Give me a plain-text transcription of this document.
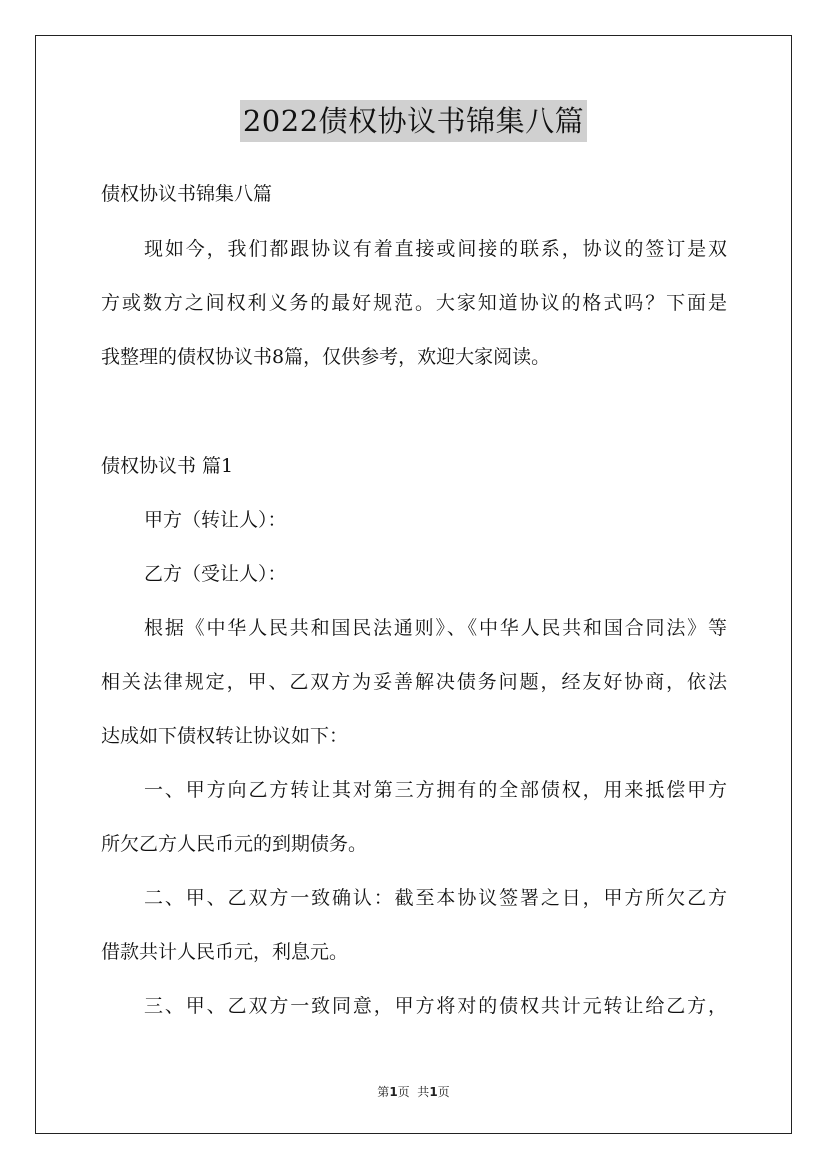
2022债权协议书锦集八篇

债权协议书锦集八篇

现如今，我们都跟协议有着直接或间接的联系，协议的签订是双

方或数方之间权利义务的最好规范。大家知道协议的格式吗？下面是

我整理的债权协议书8篇，仅供参考，欢迎大家阅读。

债权协议书 篇1

甲方（转让人）：

乙方（受让人）：

根据《中华人民共和国民法通则》、《中华人民共和国合同法》等

相关法律规定，甲、乙双方为妥善解决债务问题，经友好协商，依法

达成如下债权转让协议如下：

一、甲方向乙方转让其对第三方拥有的全部债权，用来抵偿甲方

所欠乙方人民币元的到期债务。

二、甲、乙双方一致确认：截至本协议签署之日，甲方所欠乙方

借款共计人民币元，利息元。

三、甲、乙双方一致同意，甲方将对的债权共计元转让给乙方，

第1页  共1页
